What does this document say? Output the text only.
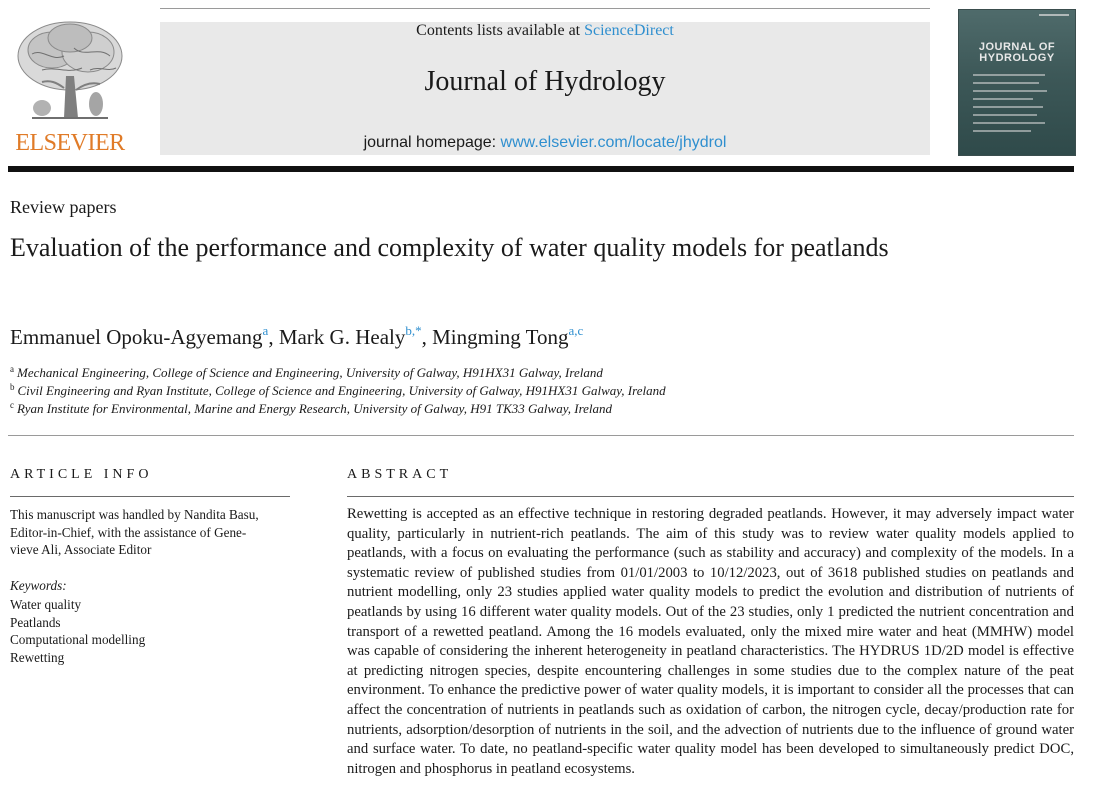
ELSEVIER
Contents lists available at ScienceDirect
Journal of Hydrology
journal homepage: www.elsevier.com/locate/jhydrol
JOURNAL OF
HYDROLOGY
Review papers
Evaluation of the performance and complexity of water quality models for peatlands
Emmanuel Opoku-Agyemang$^a$, Mark G. Healy$^{b,*}$, Mingming Tong$^{a,c}$
$^a$ Mechanical Engineering, College of Science and Engineering, University of Galway, H91HX31 Galway, Ireland
$^b$ Civil Engineering and Ryan Institute, College of Science and Engineering, University of Galway, H91HX31 Galway, Ireland
$^c$ Ryan Institute for Environmental, Marine and Energy Research, University of Galway, H91 TK33 Galway, Ireland
ARTICLE INFO
This manuscript was handled by Nandita Basu,
Editor-in-Chief, with the assistance of Gene-
vieve Ali, Associate Editor
Keywords:
Water quality
Peatlands
Computational modelling
Rewetting
ABSTRACT
Rewetting is accepted as an effective technique in restoring degraded peatlands. However, it may adversely impact water quality, particularly in nutrient-rich peatlands. The aim of this study was to review water quality models applied to peatlands, with a focus on evaluating the performance (such as stability and accuracy) and complexity of the models. In a systematic review of published studies from 01/01/2003 to 10/12/2023, out of 3618 published studies on peatlands and nutrient modelling, only 23 studies applied water quality models to predict the evolution and distribution of nutrients of peatlands by using 16 different water quality models. Out of the 23 studies, only 1 predicted the nutrient concentration and transport of a rewetted peatland. Among the 16 models evaluated, only the mixed mire water and heat (MMHW) model was capable of considering the inherent heterogeneity in peatland characteristics. The HYDRUS 1D/2D model is effective at predicting nitrogen species, despite encountering challenges in some studies due to the complex nature of the peat environment. To enhance the predictive power of water quality models, it is important to consider all the processes that can affect the concentration of nutrients in peatlands such as oxidation of carbon, the nitrogen cycle, decay/production rate for nutrients, adsorption/desorption of nutrients in the soil, and the advection of nutrients due to the influence of ground water and surface water. To date, no peatland-specific water quality model has been developed to simultaneously predict DOC, nitrogen and phosphorus in peatland ecosystems.
